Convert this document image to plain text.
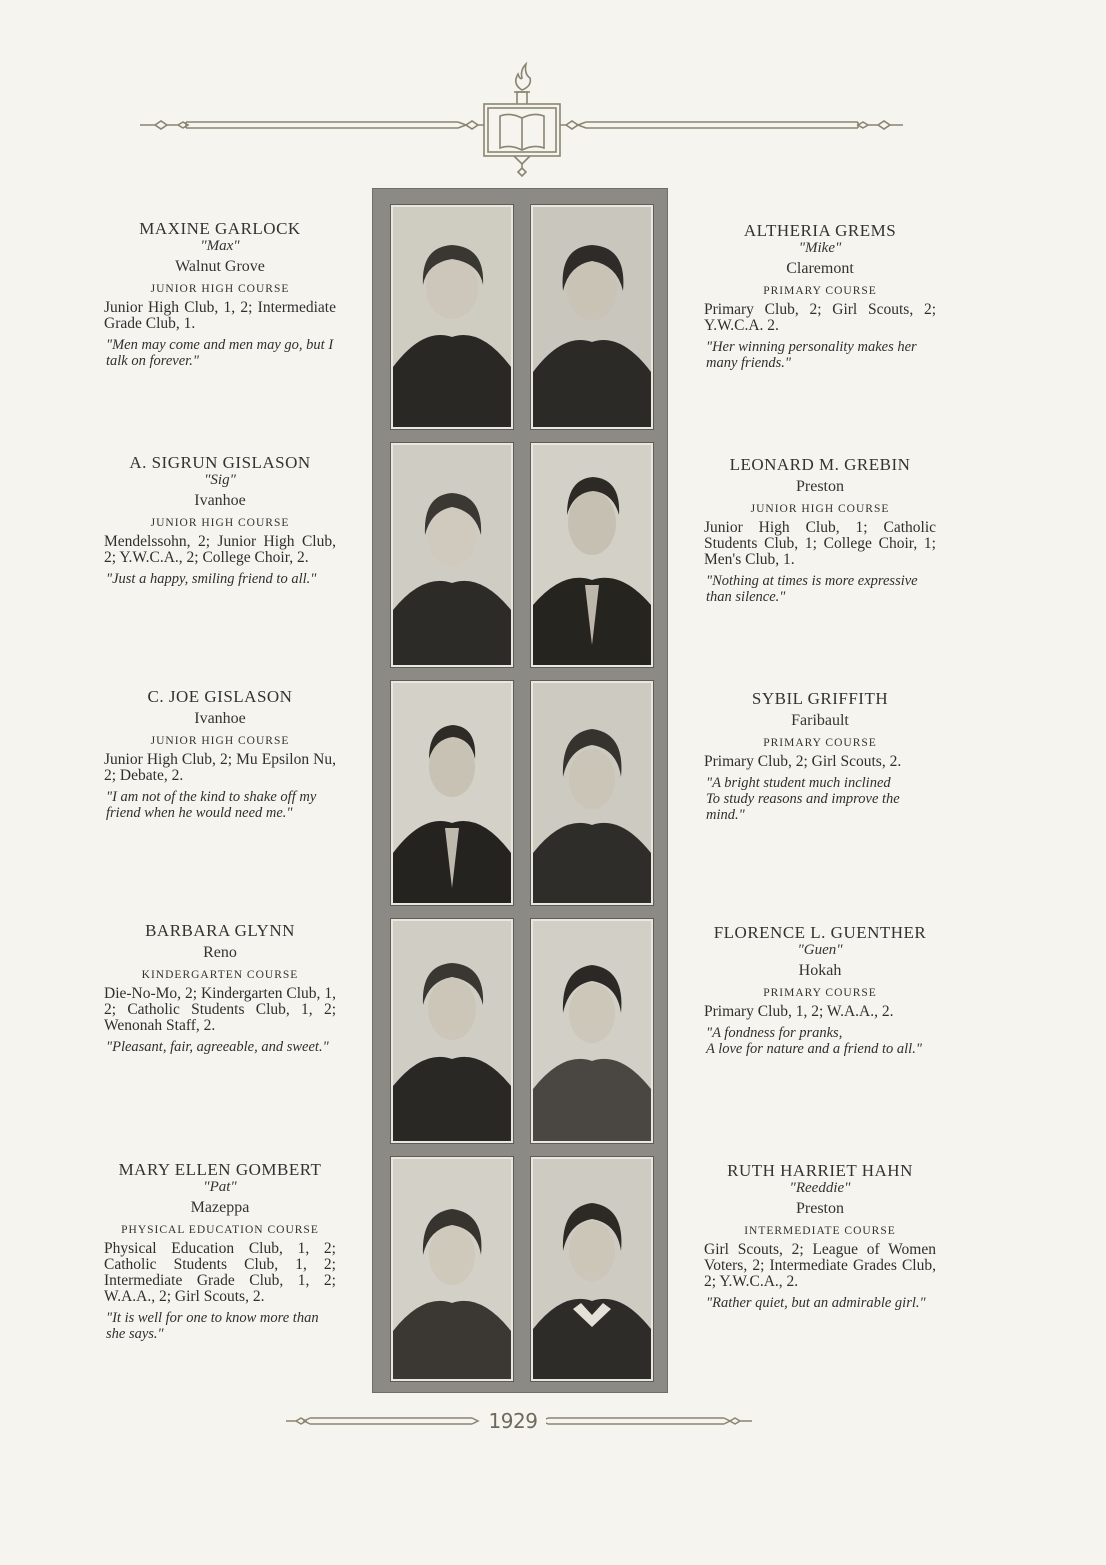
MAXINE GARLOCK
"Max"
Walnut Grove
JUNIOR HIGH COURSE
Junior High Club, 1, 2; Intermediate Grade Club, 1.
"Men may come and men may go, but I talk on forever."
A. SIGRUN GISLASON
"Sig"
Ivanhoe
JUNIOR HIGH COURSE
Mendelssohn, 2; Junior High Club, 2; Y.W.C.A., 2; College Choir, 2.
"Just a happy, smiling friend to all."
C. JOE GISLASON
Ivanhoe
JUNIOR HIGH COURSE
Junior High Club, 2; Mu Epsilon Nu, 2; Debate, 2.
"I am not of the kind to shake off my friend when he would need me."
BARBARA GLYNN
Reno
KINDERGARTEN COURSE
Die-No-Mo, 2; Kindergarten Club, 1, 2; Catholic Students Club, 1, 2; Wenonah Staff, 2.
"Pleasant, fair, agreeable, and sweet."
MARY ELLEN GOMBERT
"Pat"
Mazeppa
PHYSICAL EDUCATION COURSE
Physical Education Club, 1, 2; Catholic Students Club, 1, 2; Intermediate Grade Club, 1, 2; W.A.A., 2; Girl Scouts, 2.
"It is well for one to know more than she says."
ALTHERIA GREMS
"Mike"
Claremont
PRIMARY COURSE
Primary Club, 2; Girl Scouts, 2; Y.W.C.A. 2.
"Her winning personality makes her many friends."
LEONARD M. GREBIN
Preston
JUNIOR HIGH COURSE
Junior High Club, 1; Catholic Students Club, 1; College Choir, 1; Men's Club, 1.
"Nothing at times is more expressive than silence."
SYBIL GRIFFITH
Faribault
PRIMARY COURSE
Primary Club, 2; Girl Scouts, 2.
"A bright student much inclined
To study reasons and improve the mind."
FLORENCE L. GUENTHER
"Guen"
Hokah
PRIMARY COURSE
Primary Club, 1, 2; W.A.A., 2.
"A fondness for pranks,
A love for nature and a friend to all."
RUTH HARRIET HAHN
"Reeddie"
Preston
INTERMEDIATE COURSE
Girl Scouts, 2; League of Women Voters, 2; Intermediate Grades Club, 2; Y.W.C.A., 2.
"Rather quiet, but an admirable girl."
1929
